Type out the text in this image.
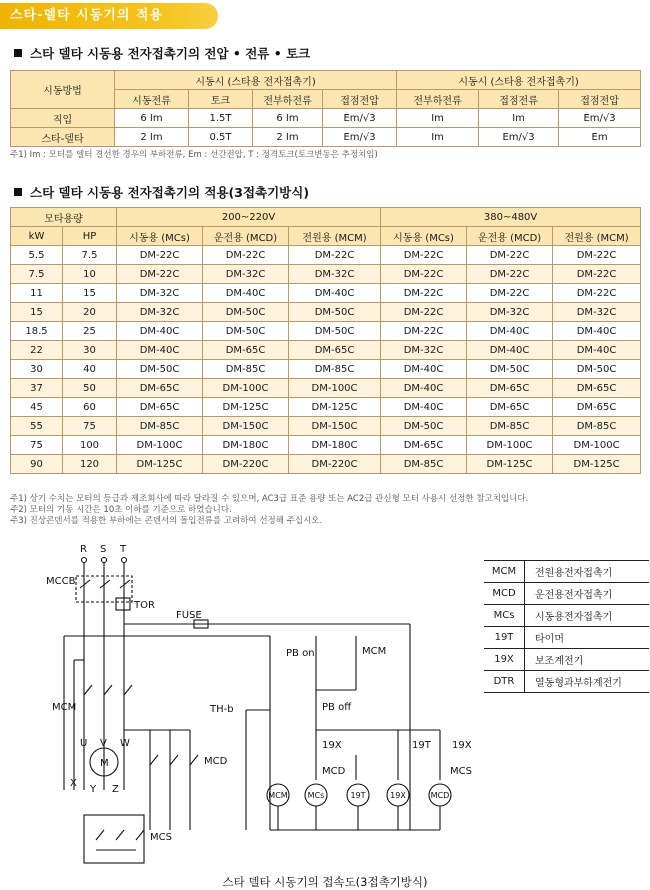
스타-델타 시동기의 적용
스타 델타 시동용 전자접촉기의 전압 • 전류 • 토크
시동방법	시동시 (스타용 전자접촉기)				시동시 (스타용 전자접촉기)		
	시동전류	토크	전부하전류	접점전압	전부하전류	접점전류	접점전압
직입	6 Im	1.5T	6 Im	Em/√3	Im	Im	Em/√3
스타-델타	2 Im	0.5T	2 Im	Em/√3	Im	Em/√3	Em
주1) Im : 모터를 델터 결선한 경우의 부하전류, Em : 선간전압, T : 정격토크(토크변동은 추정치임)
스타 델타 시동용 전자접촉기의 적용(3접촉기방식)
모타용량		200~220V			380~480V		
kW	HP	시동용 (MCs)	운전용 (MCD)	전원용 (MCM)	시동용 (MCs)	운전용 (MCD)	전원용 (MCM)
5.5	7.5	DM-22C	DM-22C	DM-22C	DM-22C	DM-22C	DM-22C
7.5	10	DM-22C	DM-32C	DM-32C	DM-22C	DM-22C	DM-22C
11	15	DM-32C	DM-40C	DM-40C	DM-22C	DM-22C	DM-22C
15	20	DM-32C	DM-50C	DM-50C	DM-22C	DM-32C	DM-32C
18.5	25	DM-40C	DM-50C	DM-50C	DM-22C	DM-40C	DM-40C
22	30	DM-40C	DM-65C	DM-65C	DM-32C	DM-40C	DM-40C
30	40	DM-50C	DM-85C	DM-85C	DM-40C	DM-50C	DM-50C
37	50	DM-65C	DM-100C	DM-100C	DM-40C	DM-65C	DM-65C
45	60	DM-65C	DM-125C	DM-125C	DM-40C	DM-65C	DM-65C
55	75	DM-85C	DM-150C	DM-150C	DM-50C	DM-85C	DM-85C
75	100	DM-100C	DM-180C	DM-180C	DM-65C	DM-100C	DM-100C
90	120	DM-125C	DM-220C	DM-220C	DM-85C	DM-125C	DM-125C
주1) 상기 수치는 모터의 등급과 제조회사에 따라 달라질 수 있으며, AC3급 표준 용량 또는 AC2급 관신형 모터 사용시 선정한 참고치입니다.
주2) 모터의 기동 시간은 10초 이하를 기준으로 하였습니다.
주3) 진상콘덴서를 적용한 부하에는 콘덴서의 돌입전류를 고려하여 선정해 주십시오.
R S T
MCCB
TOR
FUSE
PB on	MCM
TH-b	PB off
MCM
U V W
M
X
Y Z
MCD
MCS
19X	19T 19X
MCD	MCS
MCM MCs	19T	19X	MCD
MCM	전원용전자접촉기
MCD	운전용전자접촉기
MCs	시동용전자접촉기
19T	타이머
19X	보조계전기
DTR	열동형과부하계전기
스타 델타 시동기의 접속도(3접촉기방식)
